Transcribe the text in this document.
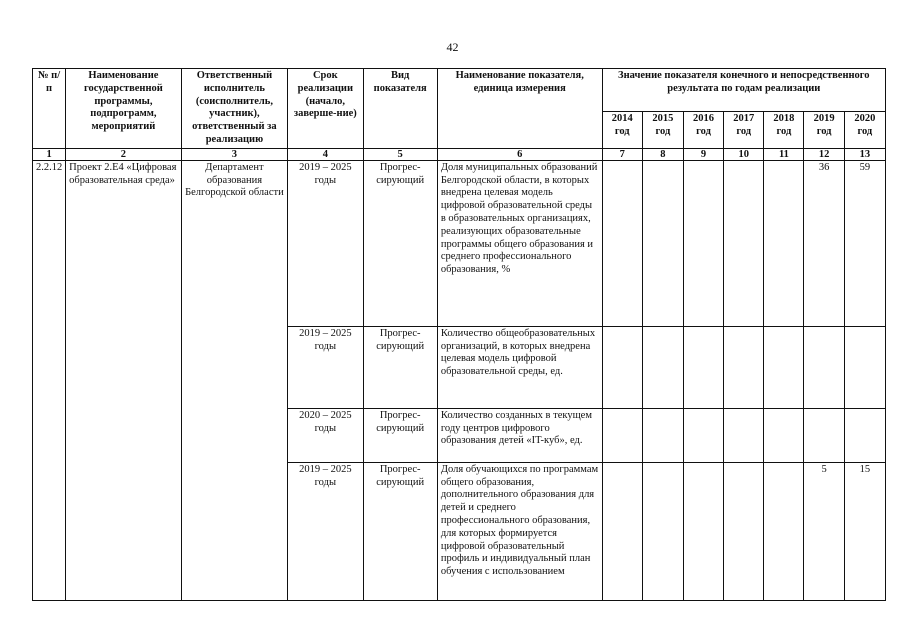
42
№ п/п	Наименование государственной программы, подпрограмм, мероприятий	Ответственный исполнитель (соисполнитель, участник), ответственный за реализацию	Срок реализации (начало, заверше-ние)	Вид показателя	Наименование показателя, единица измерения	Значение показателя конечного и непосредственного результата по годам реализации						
						2014 год	2015 год	2016 год	2017 год	2018 год	2019 год	2020 год
1	2	3	4	5	6	7	8	9	10	11	12	13
2.2.12	Проект 2.Е4 «Цифровая образовательная среда»	Департамент образования Белгородской области	2019 – 2025 годы	Прогрес-сирующий	Доля муниципальных образований Белгородской области, в которых внедрена целевая модель цифровой образовательной среды в образовательных организациях, реализующих образовательные программы общего образования и среднего профессионального образования, %						36	59
			2019 – 2025 годы	Прогрес-сирующий	Количество общеобразовательных организаций, в которых внедрена целевая модель цифровой образовательной среды, ед.							
			2020 – 2025 годы	Прогрес-сирующий	Количество созданных в текущем году центров цифрового образования детей «IT-куб», ед.							
			2019 – 2025 годы	Прогрес-сирующий	Доля обучающихся по программам общего образования, дополнительного образования для детей и среднего профессионального образования, для которых формируется цифровой образовательный профиль и индивидуальный план обучения с использованием						5	15
